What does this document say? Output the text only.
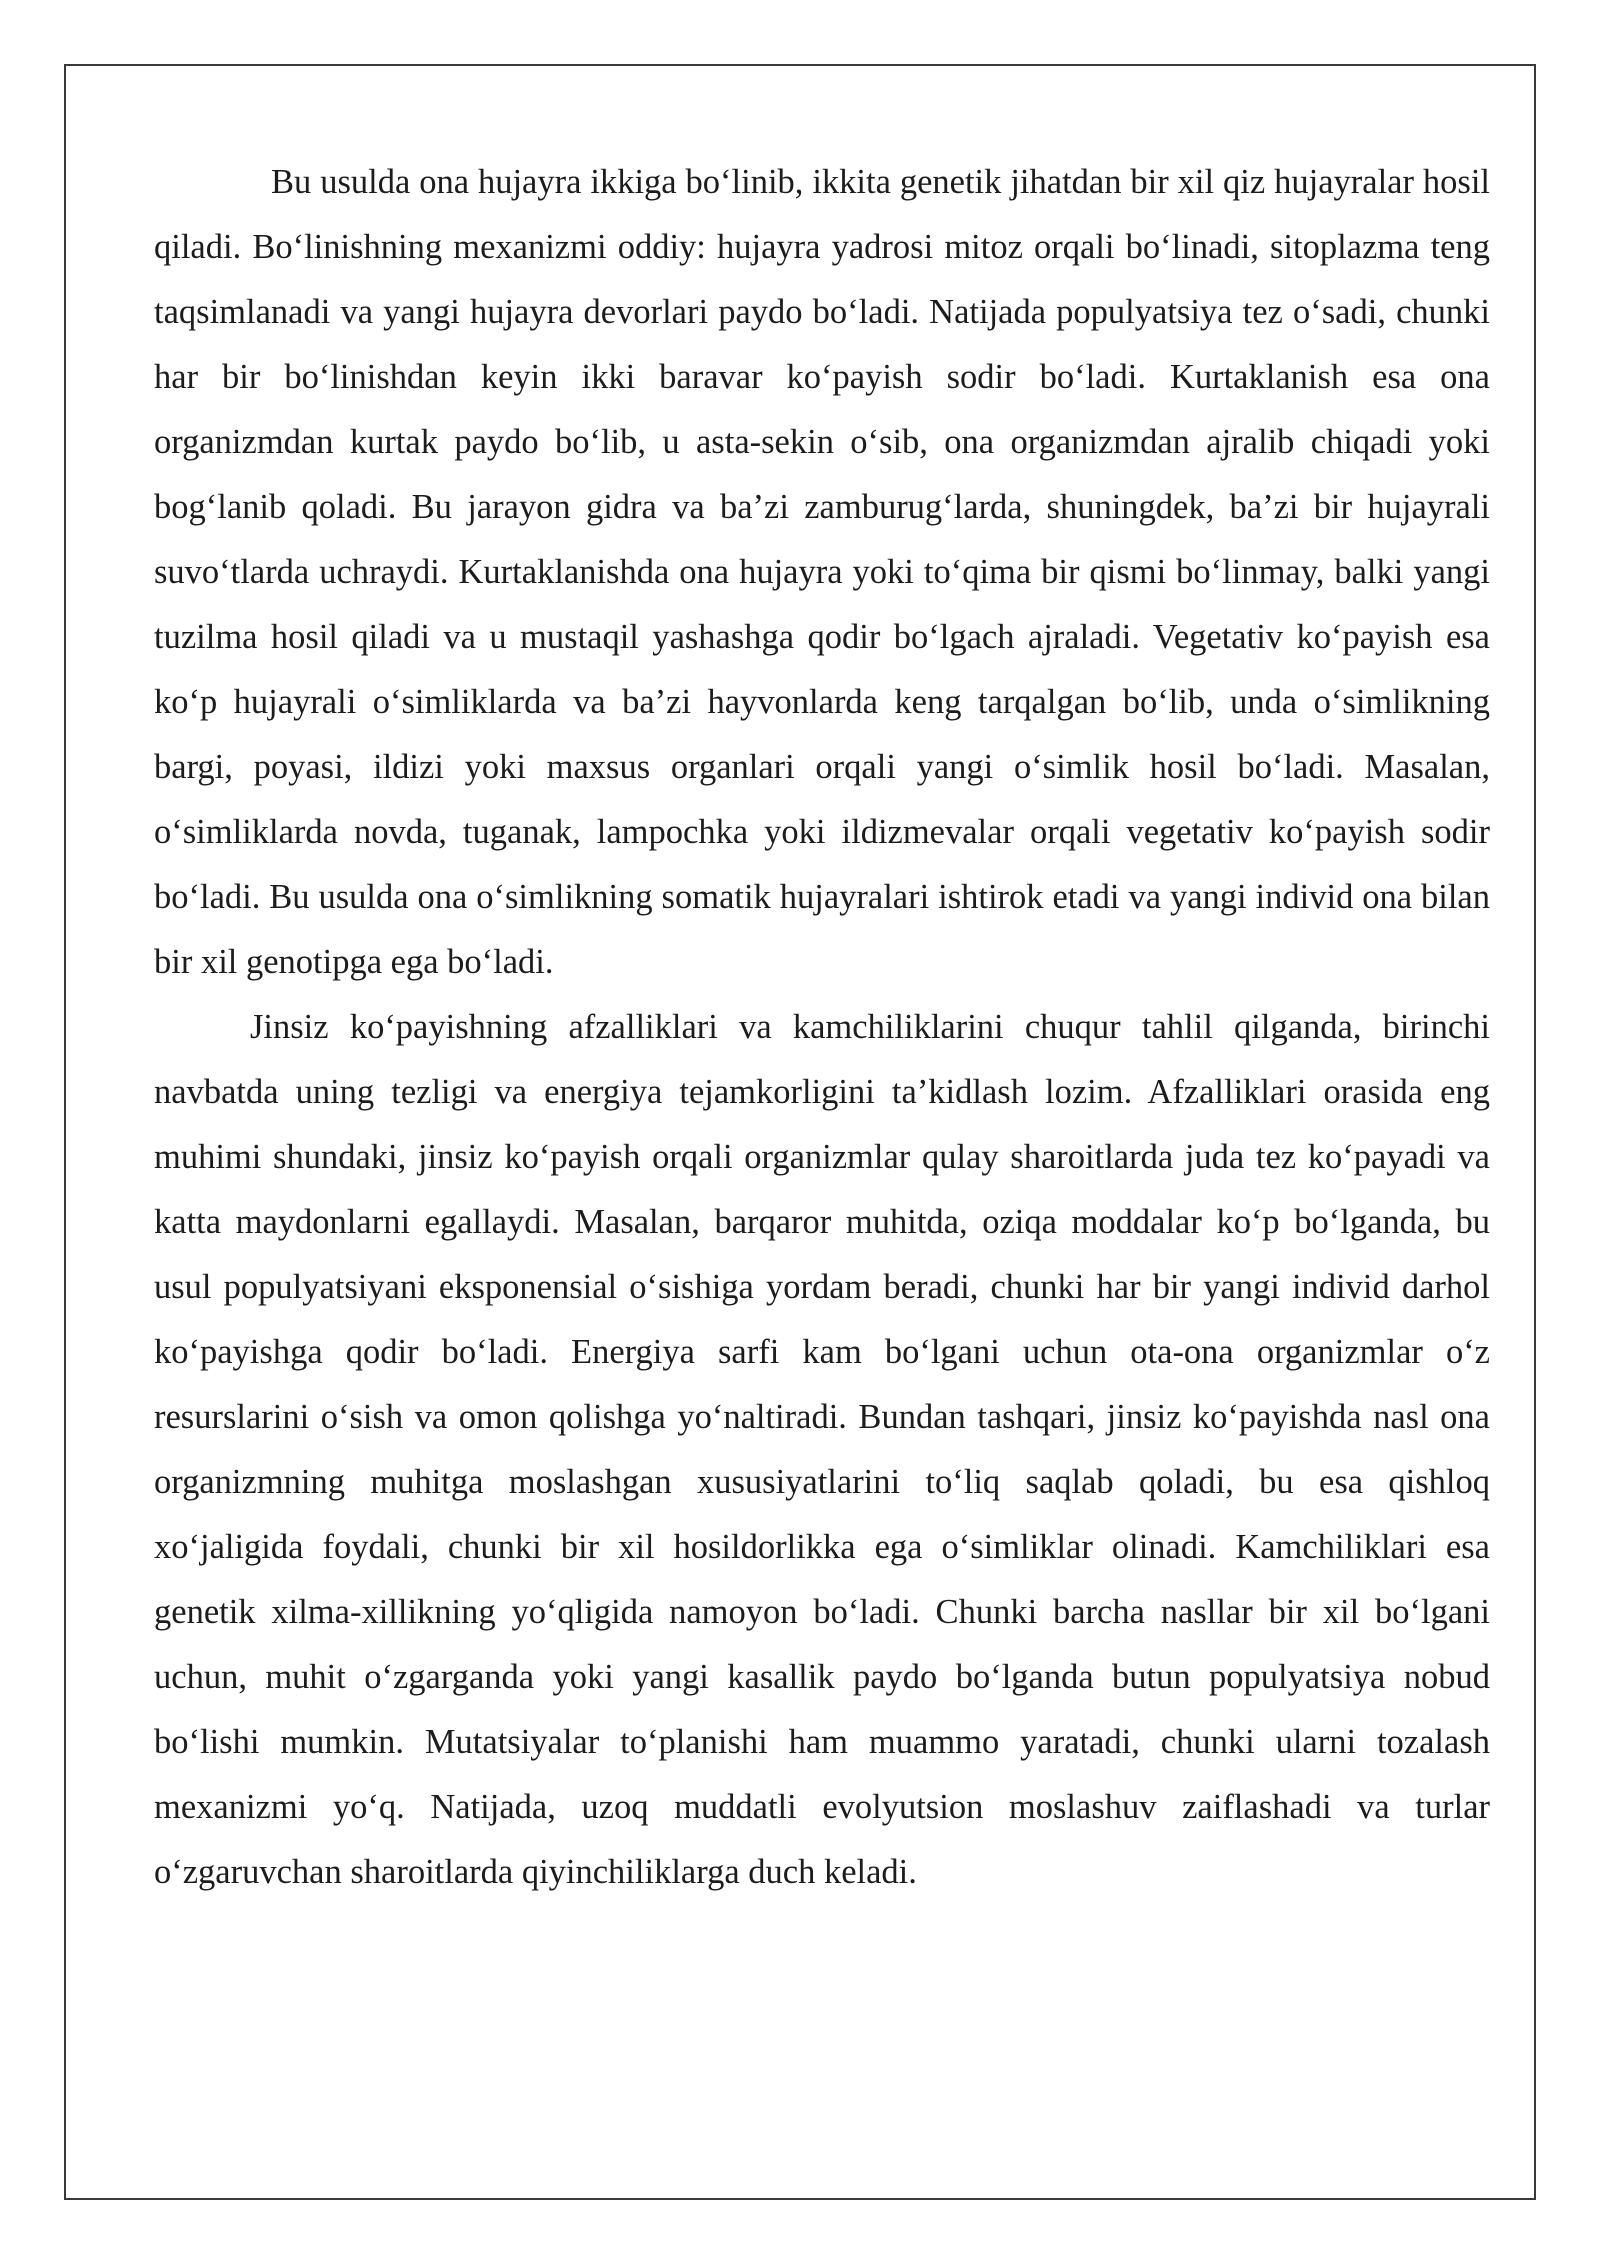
Bu usulda ona hujayra ikkiga bo‘linib, ikkita genetik jihatdan bir xil qiz hujayralar hosil qiladi. Bo‘linishning mexanizmi oddiy: hujayra yadrosi mitoz orqali bo‘linadi, sitoplazma teng taqsimlanadi va yangi hujayra devorlari paydo bo‘ladi. Natijada populyatsiya tez o‘sadi, chunki har bir bo‘linishdan keyin ikki baravar ko‘payish sodir bo‘ladi. Kurtaklanish esa ona organizmdan kurtak paydo bo‘lib, u asta-sekin o‘sib, ona organizmdan ajralib chiqadi yoki bog‘lanib qoladi. Bu jarayon gidra va ba’zi zamburug‘larda, shuningdek, ba’zi bir hujayrali suvo‘tlarda uchraydi. Kurtaklanishda ona hujayra yoki to‘qima bir qismi bo‘linmay, balki yangi tuzilma hosil qiladi va u mustaqil yashashga qodir bo‘lgach ajraladi. Vegetativ ko‘payish esa ko‘p hujayrali o‘simliklarda va ba’zi hayvonlarda keng tarqalgan bo‘lib, unda o‘simlikning bargi, poyasi, ildizi yoki maxsus organlari orqali yangi o‘simlik hosil bo‘ladi. Masalan, o‘simliklarda novda, tuganak, lampochka yoki ildizmevalar orqali vegetativ ko‘payish sodir bo‘ladi. Bu usulda ona o‘simlikning somatik hujayralari ishtirok etadi va yangi individ ona bilan bir xil genotipga ega bo‘ladi.

Jinsiz ko‘payishning afzalliklari va kamchiliklarini chuqur tahlil qilganda, birinchi navbatda uning tezligi va energiya tejamkorligini ta’kidlash lozim. Afzalliklari orasida eng muhimi shundaki, jinsiz ko‘payish orqali organizmlar qulay sharoitlarda juda tez ko‘payadi va katta maydonlarni egallaydi. Masalan, barqaror muhitda, oziqa moddalar ko‘p bo‘lganda, bu usul populyatsiyani eksponensial o‘sishiga yordam beradi, chunki har bir yangi individ darhol ko‘payishga qodir bo‘ladi. Energiya sarfi kam bo‘lgani uchun ota-ona organizmlar o‘z resurslarini o‘sish va omon qolishga yo‘naltiradi. Bundan tashqari, jinsiz ko‘payishda nasl ona organizmning muhitga moslashgan xususiyatlarini to‘liq saqlab qoladi, bu esa qishloq xo‘jaligida foydali, chunki bir xil hosildorlikka ega o‘simliklar olinadi. Kamchiliklari esa genetik xilma-xillikning yo‘qligida namoyon bo‘ladi. Chunki barcha nasllar bir xil bo‘lgani uchun, muhit o‘zgarganda yoki yangi kasallik paydo bo‘lganda butun populyatsiya nobud bo‘lishi mumkin. Mutatsiyalar to‘planishi ham muammo yaratadi, chunki ularni tozalash mexanizmi yo‘q. Natijada, uzoq muddatli evolyutsion moslashuv zaiflashadi va turlar o‘zgaruvchan sharoitlarda qiyinchiliklarga duch keladi.
